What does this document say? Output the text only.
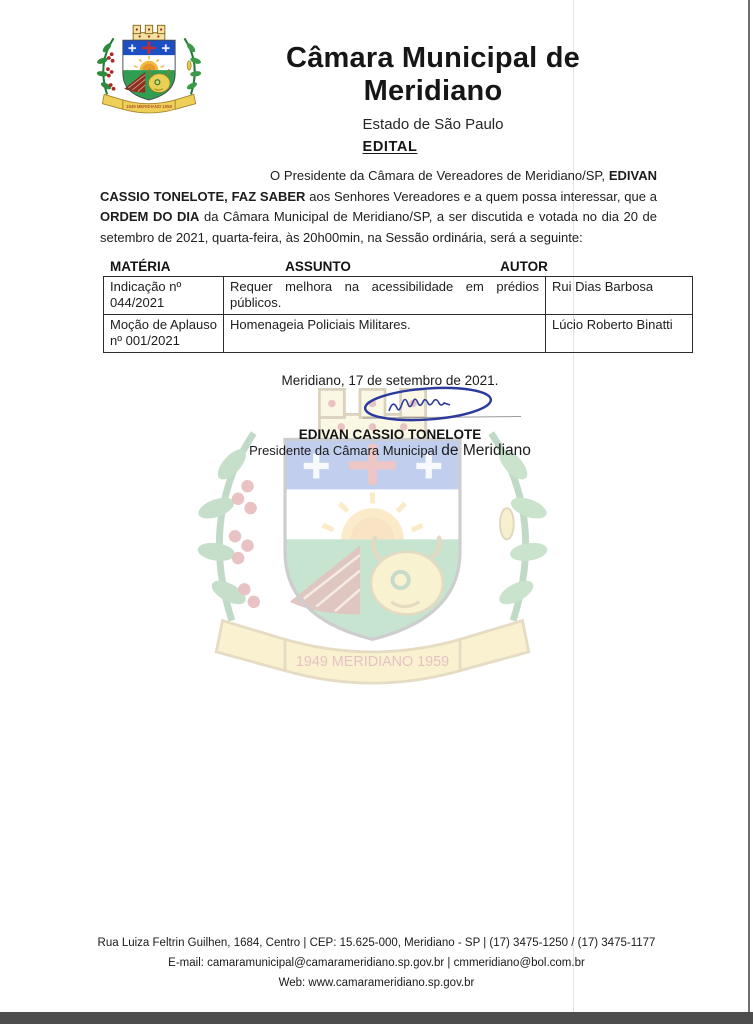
Câmara Municipal de Meridiano
Estado de São Paulo
EDITAL
O Presidente da Câmara de Vereadores de Meridiano/SP, EDIVAN
CASSIO TONELOTE, FAZ SABER aos Senhores Vereadores e a quem possa interessar, que a
ORDEM DO DIA da Câmara Municipal de Meridiano/SP, a ser discutida e votada no dia 20 de
setembro de 2021, quarta-feira, às 20h00min, na Sessão ordinária, será a seguinte:
MATÉRIA	ASSUNTO	AUTOR
Indicação nº 044/2021	Requer melhora na acessibilidade em prédios públicos.	Rui Dias Barbosa
Moção de Aplauso nº 001/2021	Homenageia Policiais Militares.	Lúcio Roberto Binatti
Meridiano, 17 de setembro de 2021.
EDIVAN CASSIO TONELOTE
Presidente da Câmara Municipal de Meridiano
Rua Luiza Feltrin Guilhen, 1684, Centro | CEP: 15.625-000, Meridiano - SP | (17) 3475-1250 / (17) 3475-1177
E-mail: camaramunicipal@camarameridiano.sp.gov.br | cmmeridiano@bol.com.br
Web: www.camarameridiano.sp.gov.br
